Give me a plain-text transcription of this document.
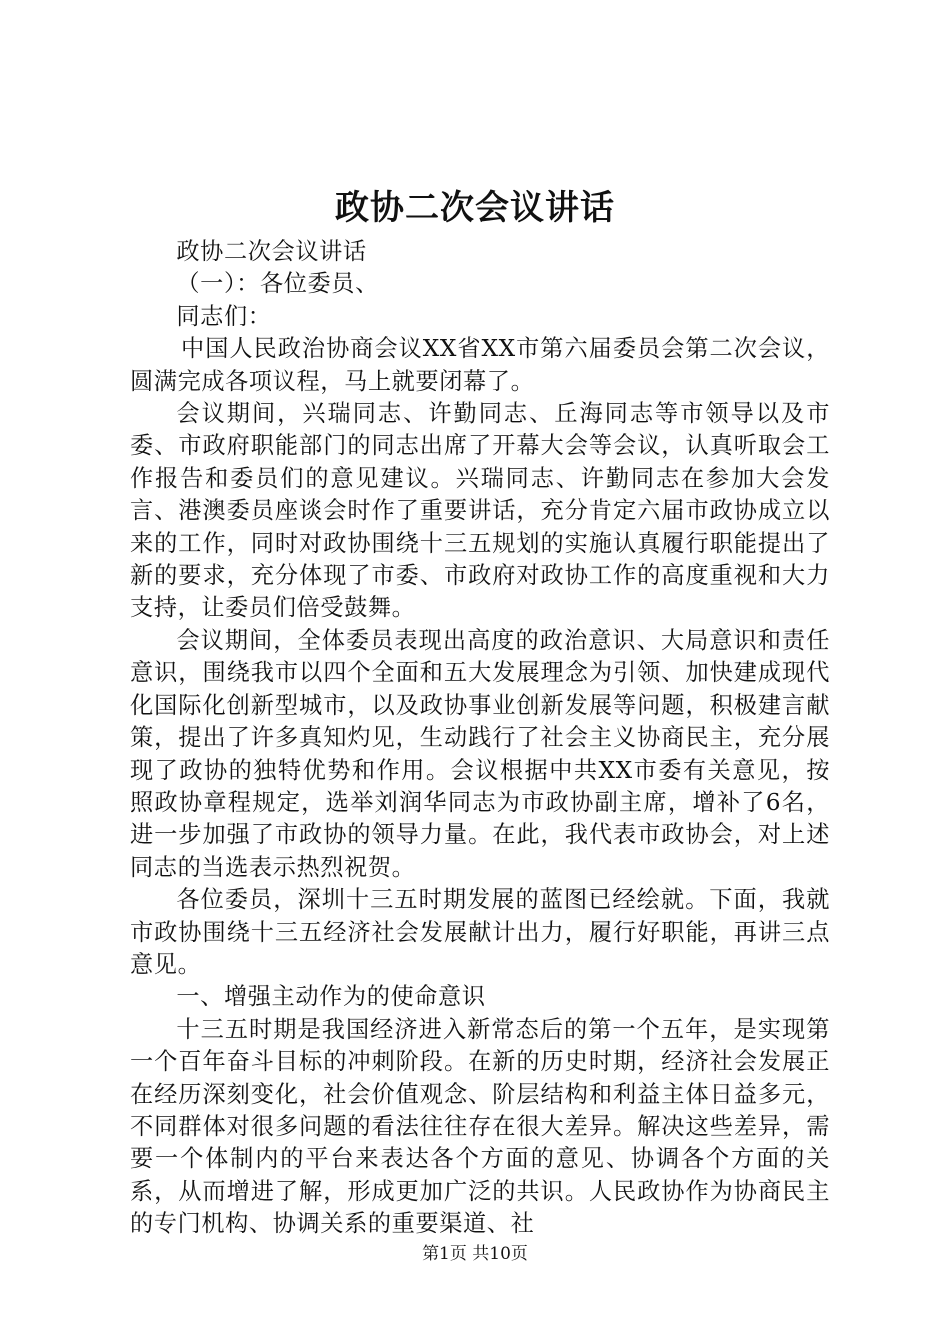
政协二次会议讲话

政协二次会议讲话

（一）：各位委员、

同志们：

中国人民政治协商会议XX省XX市第六届委员会第二次会议，圆满完成各项议程，马上就要闭幕了。

会议期间，兴瑞同志、许勤同志、丘海同志等市领导以及市委、市政府职能部门的同志出席了开幕大会等会议，认真听取会工作报告和委员们的意见建议。兴瑞同志、许勤同志在参加大会发言、港澳委员座谈会时作了重要讲话，充分肯定六届市政协成立以来的工作，同时对政协围绕十三五规划的实施认真履行职能提出了新的要求，充分体现了市委、市政府对政协工作的高度重视和大力支持，让委员们倍受鼓舞。

会议期间，全体委员表现出高度的政治意识、大局意识和责任意识，围绕我市以四个全面和五大发展理念为引领、加快建成现代化国际化创新型城市，以及政协事业创新发展等问题，积极建言献策，提出了许多真知灼见，生动践行了社会主义协商民主，充分展现了政协的独特优势和作用。会议根据中共XX市委有关意见，按照政协章程规定，选举刘润华同志为市政协副主席，增补了6名，进一步加强了市政协的领导力量。在此，我代表市政协会，对上述同志的当选表示热烈祝贺。

各位委员，深圳十三五时期发展的蓝图已经绘就。下面，我就市政协围绕十三五经济社会发展献计出力，履行好职能，再讲三点意见。

一、增强主动作为的使命意识

十三五时期是我国经济进入新常态后的第一个五年，是实现第一个百年奋斗目标的冲刺阶段。在新的历史时期，经济社会发展正在经历深刻变化，社会价值观念、阶层结构和利益主体日益多元，不同群体对很多问题的看法往往存在很大差异。解决这些差异，需要一个体制内的平台来表达各个方面的意见、协调各个方面的关系，从而增进了解，形成更加广泛的共识。人民政协作为协商民主的专门机构、协调关系的重要渠道、社

第1页 共10页
